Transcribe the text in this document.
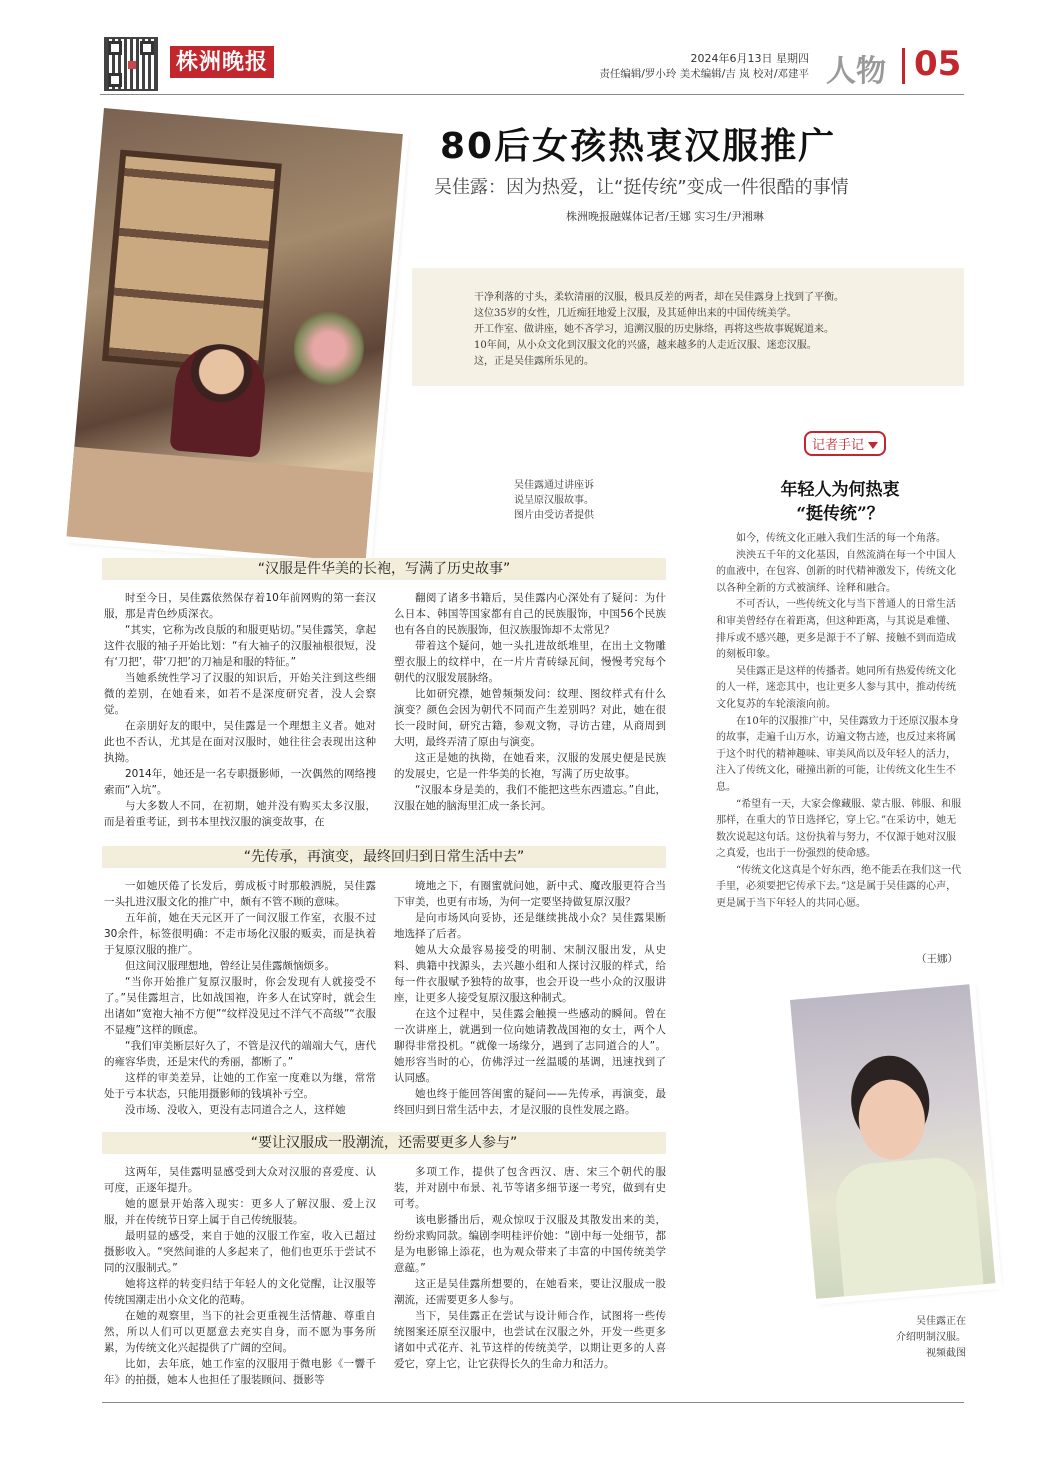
株洲晚报	2024年6月13日 星期四
责任编辑/罗小玲 美术编辑/吉 岚 校对/邓建平 人物 05
80后女孩热衷汉服推广
吴佳露：因为热爱，让“挺传统”变成一件很酷的事情
株洲晚报融媒体记者/王娜 实习生/尹湘琳

干净利落的寸头，柔软清丽的汉服，极具反差的两者，却在吴佳露身上找到了平衡。

这位35岁的女性，几近痴狂地爱上汉服，及其延伸出来的中国传统美学。

开工作室、做讲座，她不吝学习，追溯汉服的历史脉络，再将这些故事娓娓道来。

10年间，从小众文化到汉服文化的兴盛，越来越多的人走近汉服、迷恋汉服。

这，正是吴佳露所乐见的。

吴佳露通过讲座诉
说呈原汉服故事。
图片由受访者提供
记者手记
年轻人为何热衷
“挺传统”？

如今，传统文化正融入我们生活的每一个角落。

泱泱五千年的文化基因，自然流淌在每一个中国人的血液中，在包容、创新的时代精神激发下，传统文化以各种全新的方式被演绎、诠释和融合。

不可否认，一些传统文化与当下普通人的日常生活和审美曾经存在着距离，但这种距离，与其说是难懂、排斥或不感兴趣，更多是源于不了解、接触不到而造成的刻板印象。

吴佳露正是这样的传播者。她同所有热爱传统文化的人一样，迷恋其中，也让更多人参与其中，推动传统文化复苏的车轮滚滚向前。

在10年的汉服推广中，吴佳露致力于还原汉服本身的故事，走遍千山万水，访遍文物古迹，也反过来将属于这个时代的精神趣味、审美风尚以及年轻人的活力，注入了传统文化，碰撞出新的可能，让传统文化生生不息。

“希望有一天，大家会像藏服、蒙古服、韩服、和服那样，在重大的节日选择它，穿上它。”在采访中，她无数次说起这句话。这份执着与努力，不仅源于她对汉服之真爱，也出于一份强烈的使命感。

“传统文化这真是个好东西，绝不能丢在我们这一代手里，必须要把它传承下去。”这是属于吴佳露的心声，更是属于当下年轻人的共同心愿。

（王娜）
吴佳露正在
介绍明制汉服。
视频截图
“汉服是件华美的长袍，写满了历史故事”

时至今日，吴佳露依然保存着10年前网购的第一套汉服，那是青色纱质深衣。

“其实，它称为改良版的和服更贴切。”吴佳露笑，拿起这件衣服的袖子开始比划：“有大袖子的汉服袖根很短，没有‘刀把’，带‘刀把’的刀袖是和服的特征。”

当她系统性学习了汉服的知识后，开始关注到这些细微的差别，在她看来，如若不是深度研究者，没人会察觉。

在亲朋好友的眼中，吴佳露是一个理想主义者。她对此也不否认，尤其是在面对汉服时，她往往会表现出这种执拗。

2014年，她还是一名专职摄影师，一次偶然的网络搜索而“入坑”。

与大多数人不同，在初期，她并没有购买太多汉服，而是着重考证，到书本里找汉服的演变故事，在

翻阅了诸多书籍后，吴佳露内心深处有了疑问：为什么日本、韩国等国家都有自己的民族服饰，中国56个民族也有各自的民族服饰，但汉族服饰却不太常见？

带着这个疑问，她一头扎进故纸堆里，在出土文物雕塑衣服上的纹样中，在一片片青砖绿瓦间，慢慢考究每个朝代的汉服发展脉络。

比如研究襟，她曾频频发问：纹理、图纹样式有什么演变？颜色会因为朝代不同而产生差别吗？对此，她在很长一段时间，研究古籍，参观文物，寻访古建，从商周到大明，最终弄清了原由与演变。

这正是她的执拗，在她看来，汉服的发展史便是民族的发展史，它是一件华美的长袍，写满了历史故事。

“汉服本身是美的，我们不能把这些东西遗忘。”自此，汉服在她的脑海里汇成一条长河。

“先传承，再演变，最终回归到日常生活中去”

一如她厌倦了长发后，剪成板寸时那般洒脱，吴佳露一头扎进汉服文化的推广中，颇有不管不顾的意味。

五年前，她在天元区开了一间汉服工作室，衣服不过30余件，标签很明确：不走市场化汉服的贩卖，而是执着于复原汉服的推广。

但这间汉服理想地，曾经让吴佳露颇恼烦多。

“当你开始推广复原汉服时，你会发现有人就接受不了。”吴佳露坦言，比如战国袍，许多人在试穿时，就会生出诸如“宽袍大袖不方便”“纹样没见过不洋气不高级”“衣服不显瘦”这样的顾虑。

“我们审美断层好久了，不管是汉代的端端大气，唐代的雍容华贵，还是宋代的秀丽，都断了。”

这样的审美差异，让她的工作室一度难以为继，常常处于亏本状态，只能用摄影师的钱填补亏空。

没市场、没收入，更没有志同道合之人，这样她

境地之下，有圈蜜就问她，新中式、魔改服更符合当下审美，也更有市场，为何一定要坚持做复原汉服？

是向市场风向妥协，还是继续挑战小众？吴佳露果断地选择了后者。

她从大众最容易接受的明制、宋制汉服出发，从史料、典籍中找源头，去兴趣小组和人探讨汉服的样式，给每一件衣服赋予独特的故事，也会开设一些小众的汉服讲座，让更多人接受复原汉服这种制式。

在这个过程中，吴佳露会触摸一些感动的瞬间。曾在一次讲座上，就遇到一位向她请教战国袍的女士，两个人聊得非常投机。“就像一场缘分，遇到了志同道合的人”。她形容当时的心，仿佛浮过一丝温暖的基调，迅速找到了认同感。

她也终于能回答闺蜜的疑问——先传承，再演变，最终回归到日常生活中去，才是汉服的良性发展之路。

“要让汉服成一股潮流，还需要更多人参与”

这两年，吴佳露明显感受到大众对汉服的喜爱度、认可度，正逐年提升。

她的愿景开始落入现实：更多人了解汉服、爱上汉服，并在传统节日穿上属于自己传统服装。

最明显的感受，来自于她的汉服工作室，收入已超过摄影收入。“突然间谁的人多起来了，他们也更乐于尝试不同的汉服制式。”

她将这样的转变归结于年轻人的文化觉醒，让汉服等传统国潮走出小众文化的范畴。

在她的观察里，当下的社会更重视生活情趣、尊重自然，所以人们可以更愿意去充实自身，而不愿为事务所累，为传统文化兴起提供了广阔的空间。

比如，去年底，她工作室的汉服用于微电影《一響千年》的拍摄，她本人也担任了服装顾问、摄影等

多项工作，提供了包含西汉、唐、宋三个朝代的服装，并对剧中布景、礼节等诸多细节逐一考究，做到有史可考。

该电影播出后，观众惊叹于汉服及其散发出来的美，纷纷求购同款。编剧李明桂评价她：“剧中每一处细节，都是为电影锦上添花，也为观众带来了丰富的中国传统美学意蕴。”

这正是吴佳露所想要的，在她看来，要让汉服成一股潮流，还需要更多人参与。

当下，吴佳露正在尝试与设计师合作，试图将一些传统图案还原至汉服中，也尝试在汉服之外，开发一些更多诸如中式花卉、礼节这样的传统美学，以期让更多的人喜爱它，穿上它，让它获得长久的生命力和活力。
